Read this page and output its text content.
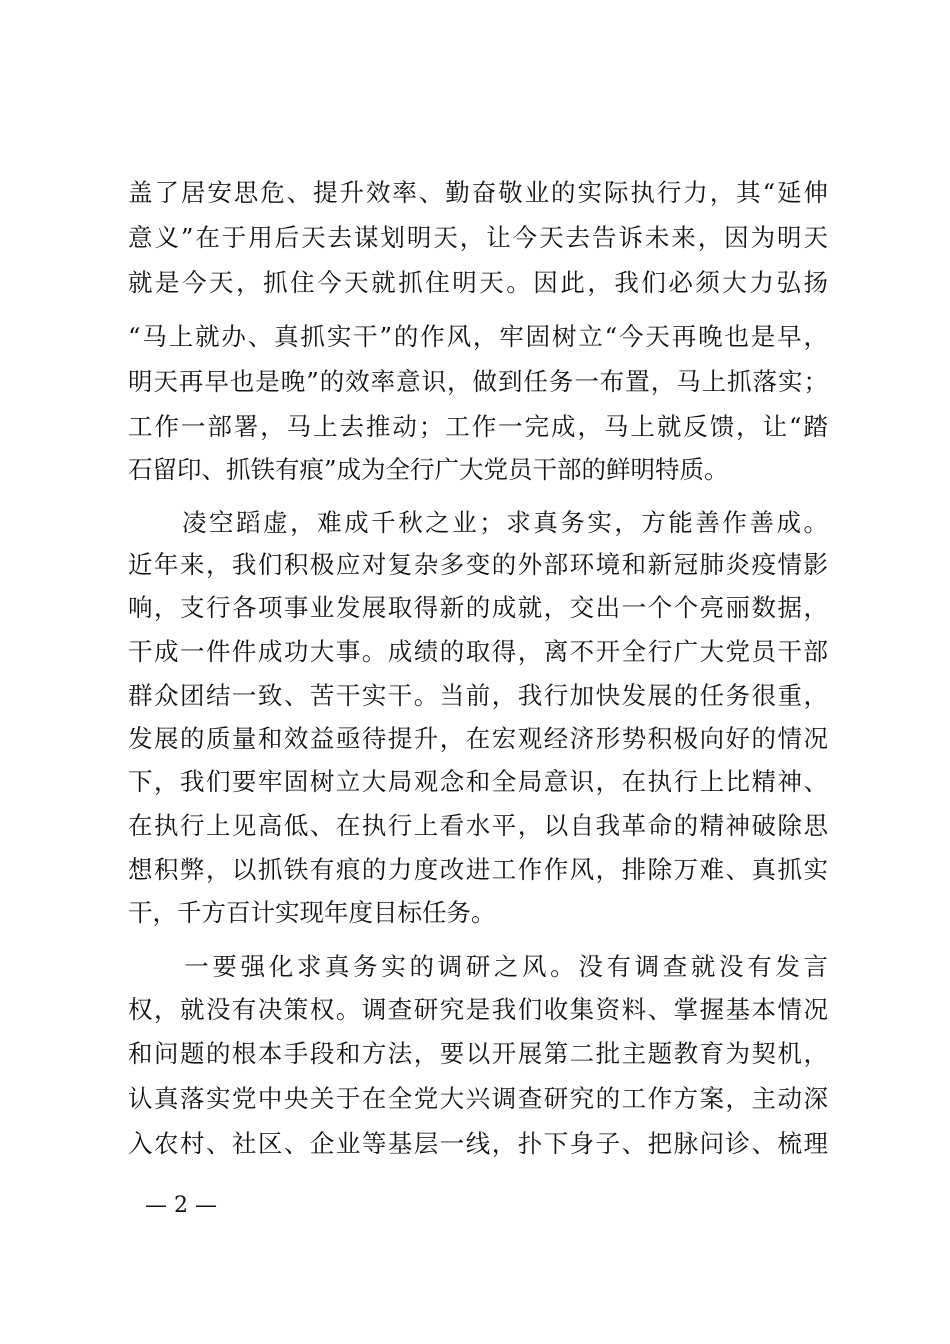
盖了居安思危、提升效率、勤奋敬业的实际执行力，其“延伸
意义”在于用后天去谋划明天，让今天去告诉未来，因为明天
就是今天，抓住今天就抓住明天。因此，我们必须大力弘扬
“马上就办、真抓实干”的作风，牢固树立“今天再晚也是早，
明天再早也是晚”的效率意识，做到任务一布置，马上抓落实；
工作一部署，马上去推动；工作一完成，马上就反馈，让“踏
石留印、抓铁有痕”成为全行广大党员干部的鲜明特质。
　　凌空蹈虚，难成千秋之业；求真务实，方能善作善成。
近年来，我们积极应对复杂多变的外部环境和新冠肺炎疫情影
响，支行各项事业发展取得新的成就，交出一个个亮丽数据，
干成一件件成功大事。成绩的取得，离不开全行广大党员干部
群众团结一致、苦干实干。当前，我行加快发展的任务很重，
发展的质量和效益亟待提升，在宏观经济形势积极向好的情况
下，我们要牢固树立大局观念和全局意识，在执行上比精神、
在执行上见高低、在执行上看水平，以自我革命的精神破除思
想积弊，以抓铁有痕的力度改进工作作风，排除万难、真抓实
干，千方百计实现年度目标任务。
　　一要强化求真务实的调研之风。没有调查就没有发言
权，就没有决策权。调查研究是我们收集资料、掌握基本情况
和问题的根本手段和方法，要以开展第二批主题教育为契机，
认真落实党中央关于在全党大兴调查研究的工作方案，主动深
入农村、社区、企业等基层一线，扑下身子、把脉问诊、梳理
— 2 —
